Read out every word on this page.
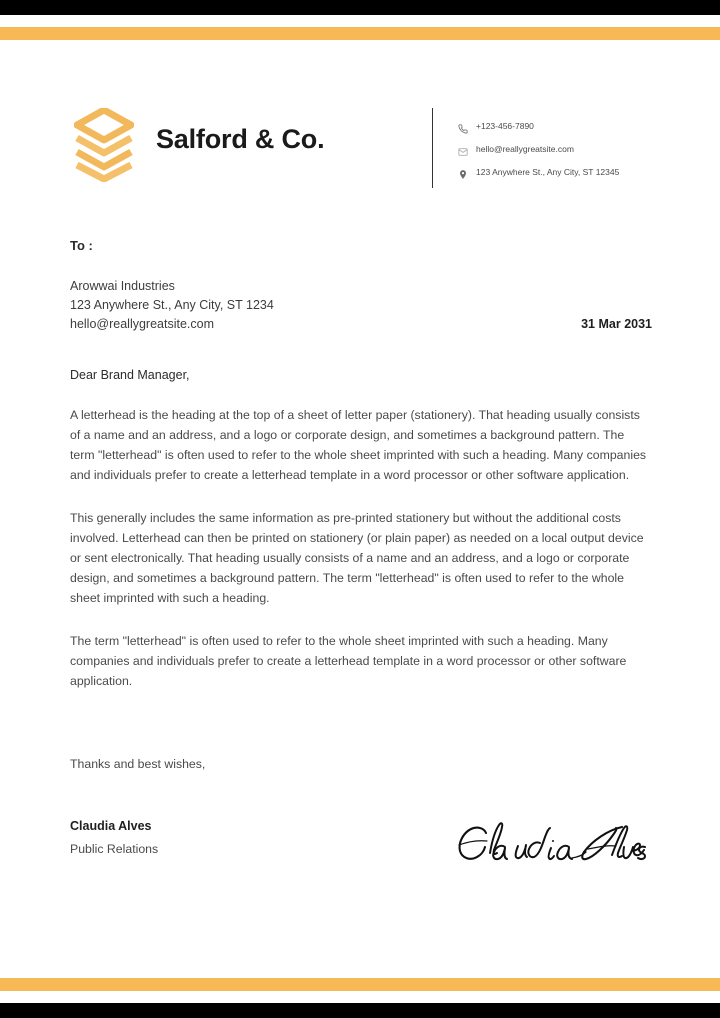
Salford & Co.	+123-456-7890
hello@reallygreatsite.com
123 Anywhere St., Any City, ST 12345
To :
Arowwai Industries
123 Anywhere St., Any City, ST 1234
hello@reallygreatsite.com	31 Mar 2031
Dear Brand Manager,

A letterhead is the heading at the top of a sheet of letter paper (stationery). That heading usually consists of a name and an address, and a logo or corporate design, and sometimes a background pattern. The term "letterhead" is often used to refer to the whole sheet imprinted with such a heading. Many companies and individuals prefer to create a letterhead template in a word processor or other software application.

This generally includes the same information as pre-printed stationery but without the additional costs involved. Letterhead can then be printed on stationery (or plain paper) as needed on a local output device or sent electronically. That heading usually consists of a name and an address, and a logo or corporate design, and sometimes a background pattern. The term "letterhead" is often used to refer to the whole sheet imprinted with such a heading.

The term "letterhead" is often used to refer to the whole sheet imprinted with such a heading. Many companies and individuals prefer to create a letterhead template in a word processor or other software application.

Thanks and best wishes,
Claudia Alves
Public Relations
